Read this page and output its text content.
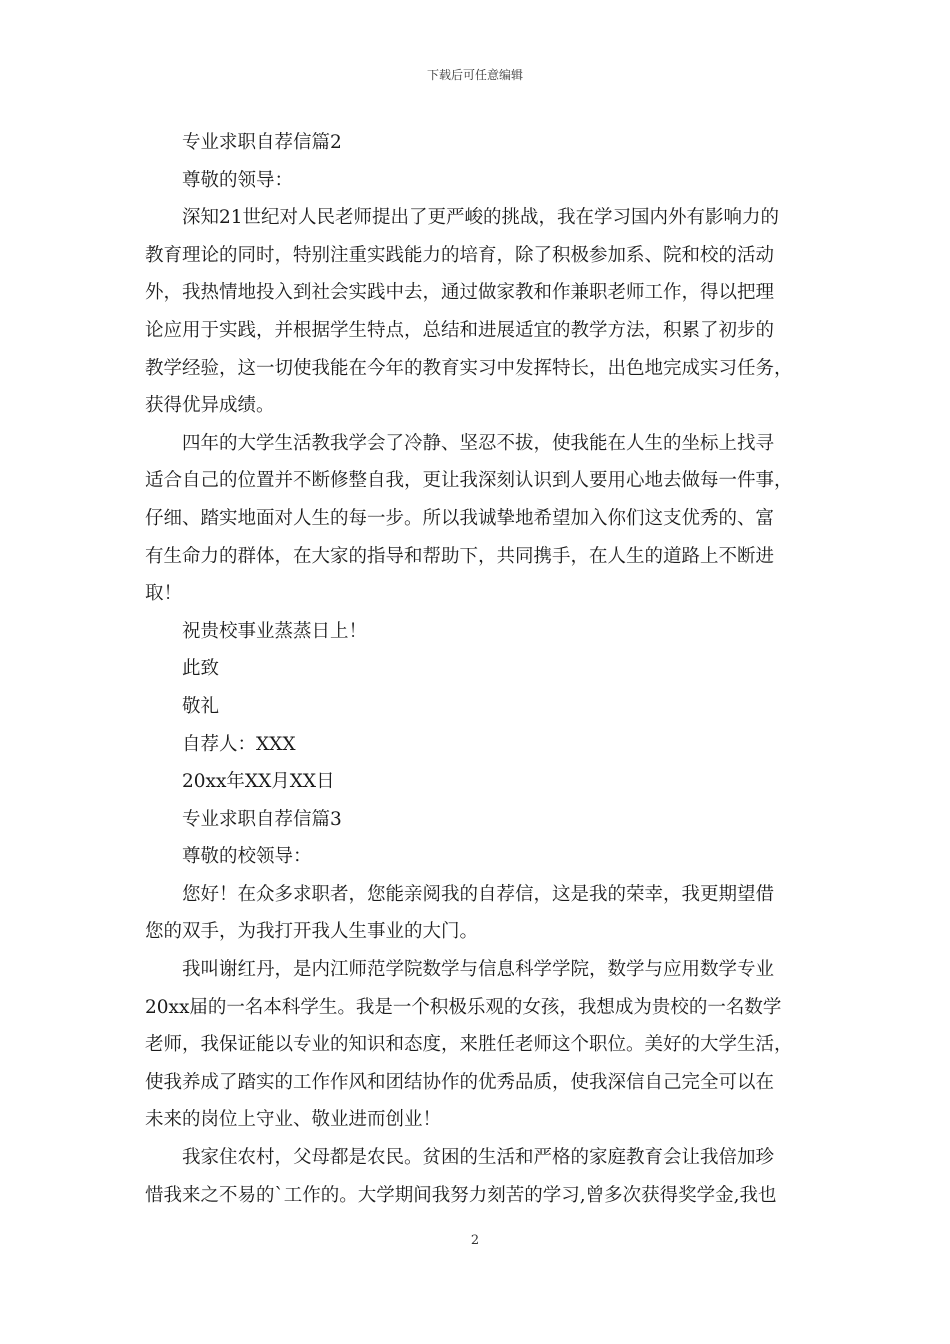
下载后可任意编辑

专业求职自荐信篇2

尊敬的领导：

深知21世纪对人民老师提出了更严峻的挑战，我在学习国内外有影响力的

教育理论的同时，特别注重实践能力的培育，除了积极参加系、院和校的活动

外，我热情地投入到社会实践中去，通过做家教和作兼职老师工作，得以把理

论应用于实践，并根据学生特点，总结和进展适宜的教学方法，积累了初步的

教学经验，这一切使我能在今年的教育实习中发挥特长，出色地完成实习任务，

获得优异成绩。

四年的大学生活教我学会了冷静、坚忍不拔，使我能在人生的坐标上找寻

适合自己的位置并不断修整自我，更让我深刻认识到人要用心地去做每一件事，

仔细、踏实地面对人生的每一步。所以我诚挚地希望加入你们这支优秀的、富

有生命力的群体，在大家的指导和帮助下，共同携手，在人生的道路上不断进

取！

祝贵校事业蒸蒸日上！

此致

敬礼

自荐人：XXX

20xx年XX月XX日

专业求职自荐信篇3

尊敬的校领导：

您好！在众多求职者，您能亲阅我的自荐信，这是我的荣幸，我更期望借

您的双手，为我打开我人生事业的大门。

我叫谢红丹，是内江师范学院数学与信息科学学院，数学与应用数学专业

20xx届的一名本科学生。我是一个积极乐观的女孩，我想成为贵校的一名数学

老师，我保证能以专业的知识和态度，来胜任老师这个职位。美好的大学生活，

使我养成了踏实的工作作风和团结协作的优秀品质，使我深信自己完全可以在

未来的岗位上守业、敬业进而创业！

我家住农村，父母都是农民。贫困的生活和严格的家庭教育会让我倍加珍

惜我来之不易的`工作的。大学期间我努力刻苦的学习,曾多次获得奖学金,我也

2
